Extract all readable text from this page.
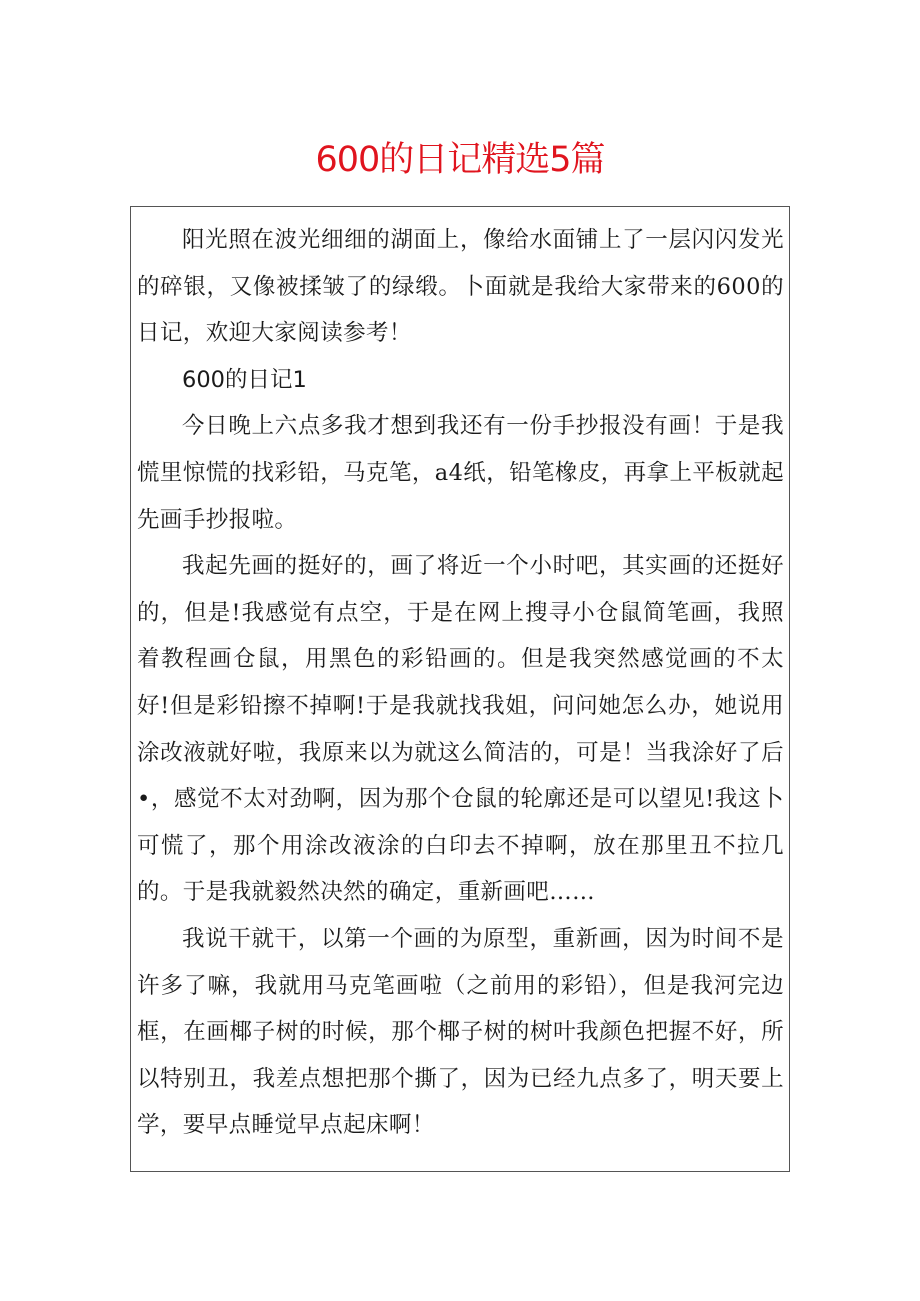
600的日记精选5篇

阳光照在波光细细的湖面上，像给水面铺上了一层闪闪发光的碎银，又像被揉皱了的绿缎。卜面就是我给大家带来的600的日记，欢迎大家阅读参考！

600的日记1

今日晚上六点多我才想到我还有一份手抄报没有画！于是我慌里惊慌的找彩铅，马克笔，a4纸，铅笔橡皮，再拿上平板就起先画手抄报啦。

我起先画的挺好的，画了将近一个小时吧，其实画的还挺好的，但是!我感觉有点空，于是在网上搜寻小仓鼠简笔画，我照着教程画仓鼠，用黑色的彩铅画的。但是我突然感觉画的不太好!但是彩铅擦不掉啊!于是我就找我姐，问问她怎么办，她说用涂改液就好啦，我原来以为就这么简洁的，可是！当我涂好了后•，感觉不太对劲啊，因为那个仓鼠的轮廓还是可以望见!我这卜可慌了，那个用涂改液涂的白印去不掉啊，放在那里丑不拉几的。于是我就毅然决然的确定，重新画吧……

我说干就干，以第一个画的为原型，重新画，因为时间不是许多了嘛，我就用马克笔画啦（之前用的彩铅），但是我河完边框，在画椰子树的时候，那个椰子树的树叶我颜色把握不好，所以特别丑，我差点想把那个撕了，因为已经九点多了，明天要上学，要早点睡觉早点起床啊！
